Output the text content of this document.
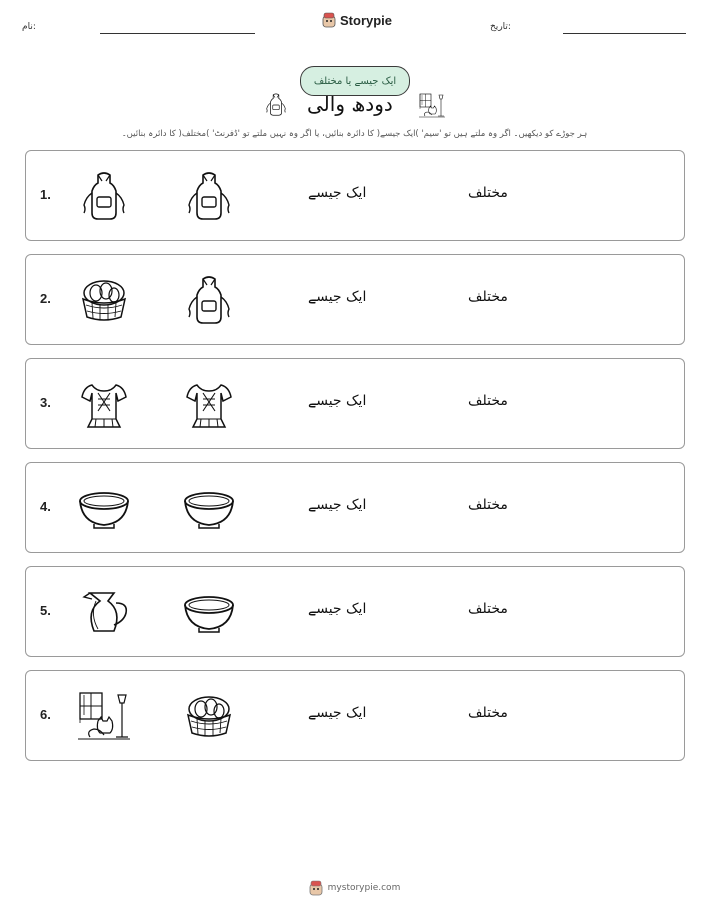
نام:	Storypie	تاریخ:
ایک جیسے یا مختلف
دودھ والی
ہر جوڑے کو دیکھیں۔ اگر وہ ملتے ہیں تو 'سیم' )ایک جیسے( کا دائرہ بنائیں، یا اگر وہ نہیں ملتے تو 'ڈفرنٹ' )مختلف( کا دائرہ بنائیں۔
1.	ایک جیسے	مختلف
2.	ایک جیسے	مختلف
3.	ایک جیسے	مختلف
4.	ایک جیسے	مختلف
5.	ایک جیسے	مختلف
6.	ایک جیسے	مختلف
mystorypie.com
